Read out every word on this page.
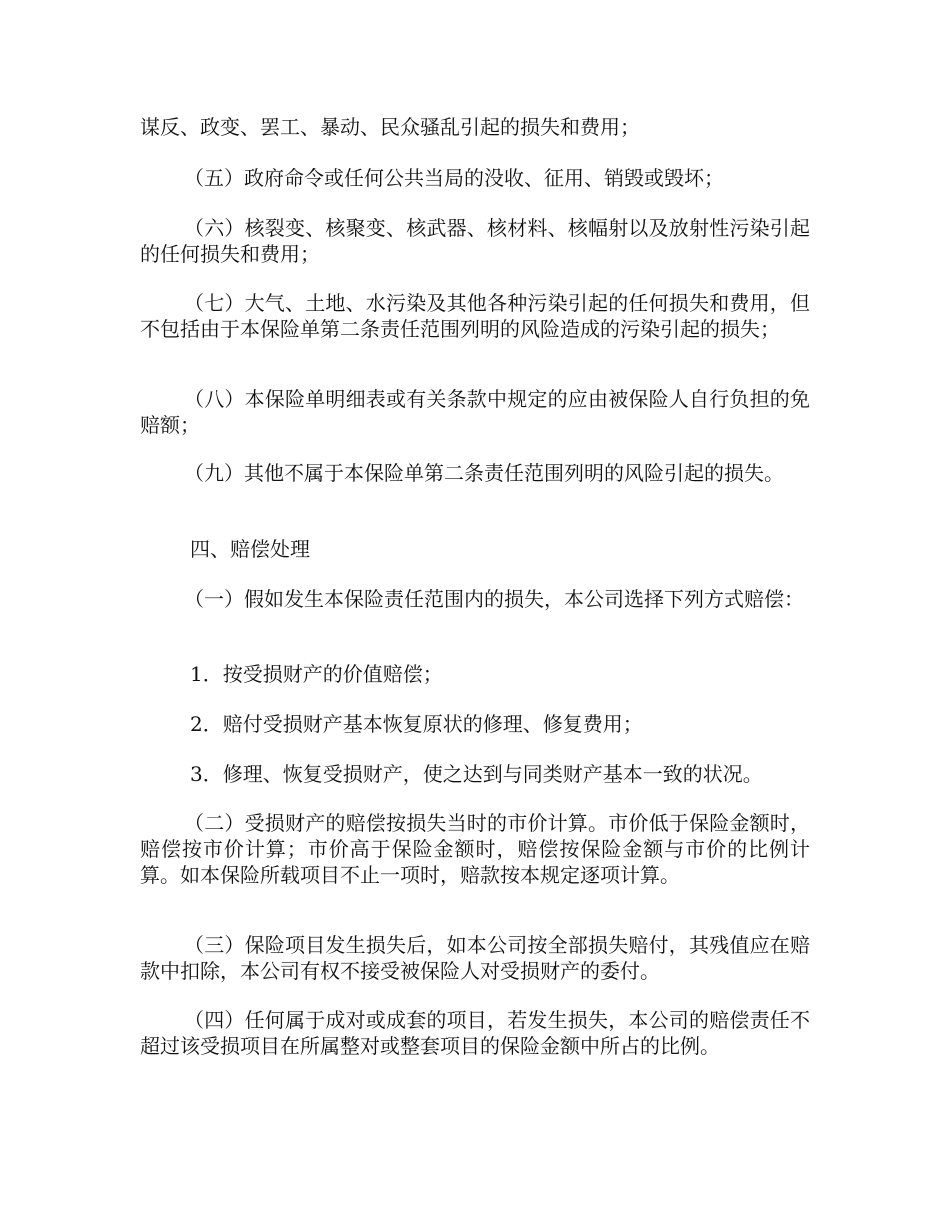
谋反、政变、罢工、暴动、民众骚乱引起的损失和费用；

（五）政府命令或任何公共当局的没收、征用、销毁或毁坏；

（六）核裂变、核聚变、核武器、核材料、核幅射以及放射性污染引起的任何损失和费用；

（七）大气、土地、水污染及其他各种污染引起的任何损失和费用，但不包括由于本保险单第二条责任范围列明的风险造成的污染引起的损失；

（八）本保险单明细表或有关条款中规定的应由被保险人自行负担的免赔额；

（九）其他不属于本保险单第二条责任范围列明的风险引起的损失。

四、赔偿处理

（一）假如发生本保险责任范围内的损失，本公司选择下列方式赔偿：

1．按受损财产的价值赔偿；

2．赔付受损财产基本恢复原状的修理、修复费用；

3．修理、恢复受损财产，使之达到与同类财产基本一致的状况。

（二）受损财产的赔偿按损失当时的市价计算。市价低于保险金额时，赔偿按市价计算；市价高于保险金额时，赔偿按保险金额与市价的比例计算。如本保险所载项目不止一项时，赔款按本规定逐项计算。

（三）保险项目发生损失后，如本公司按全部损失赔付，其残值应在赔款中扣除，本公司有权不接受被保险人对受损财产的委付。

（四）任何属于成对或成套的项目，若发生损失，本公司的赔偿责任不超过该受损项目在所属整对或整套项目的保险金额中所占的比例。
